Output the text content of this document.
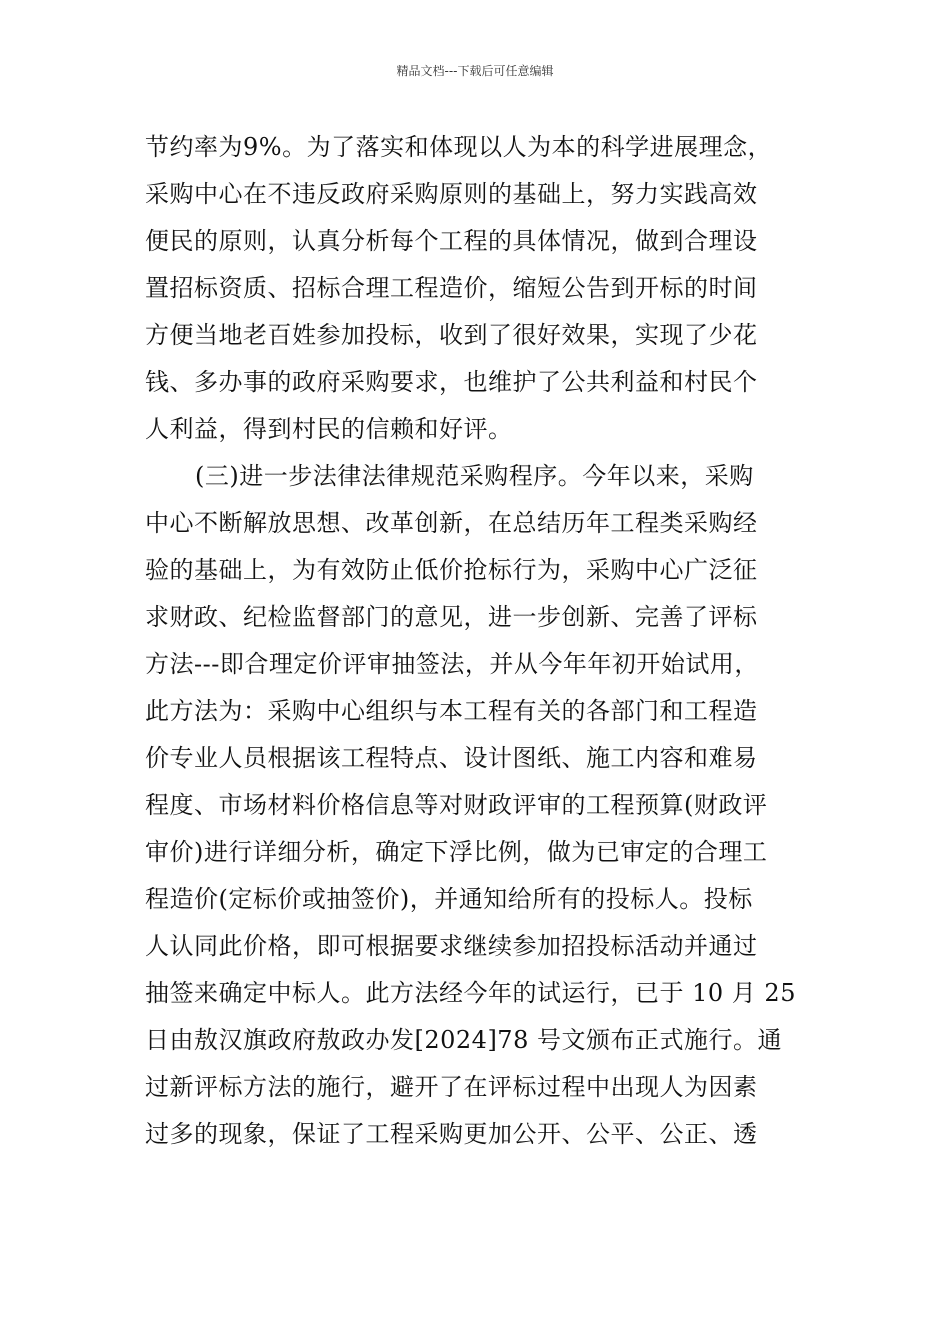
精品文档---下载后可任意编辑
节约率为9%。为了落实和体现以人为本的科学进展理念，
采购中心在不违反政府采购原则的基础上，努力实践高效
便民的原则，认真分析每个工程的具体情况，做到合理设
置招标资质、招标合理工程造价，缩短公告到开标的时间
方便当地老百姓参加投标，收到了很好效果，实现了少花
钱、多办事的政府采购要求，也维护了公共利益和村民个
人利益，得到村民的信赖和好评。
(三)进一步法律法律规范采购程序。今年以来，采购
中心不断解放思想、改革创新，在总结历年工程类采购经
验的基础上，为有效防止低价抢标行为，采购中心广泛征
求财政、纪检监督部门的意见，进一步创新、完善了评标
方法---即合理定价评审抽签法，并从今年年初开始试用，
此方法为：采购中心组织与本工程有关的各部门和工程造
价专业人员根据该工程特点、设计图纸、施工内容和难易
程度、市场材料价格信息等对财政评审的工程预算(财政评
审价)进行详细分析，确定下浮比例，做为已审定的合理工
程造价(定标价或抽签价)，并通知给所有的投标人。投标
人认同此价格，即可根据要求继续参加招投标活动并通过
抽签来确定中标人。此方法经今年的试运行，已于 10 月 25
日由敖汉旗政府敖政办发[2024]78 号文颁布正式施行。通
过新评标方法的施行，避开了在评标过程中出现人为因素
过多的现象，保证了工程采购更加公开、公平、公正、透
